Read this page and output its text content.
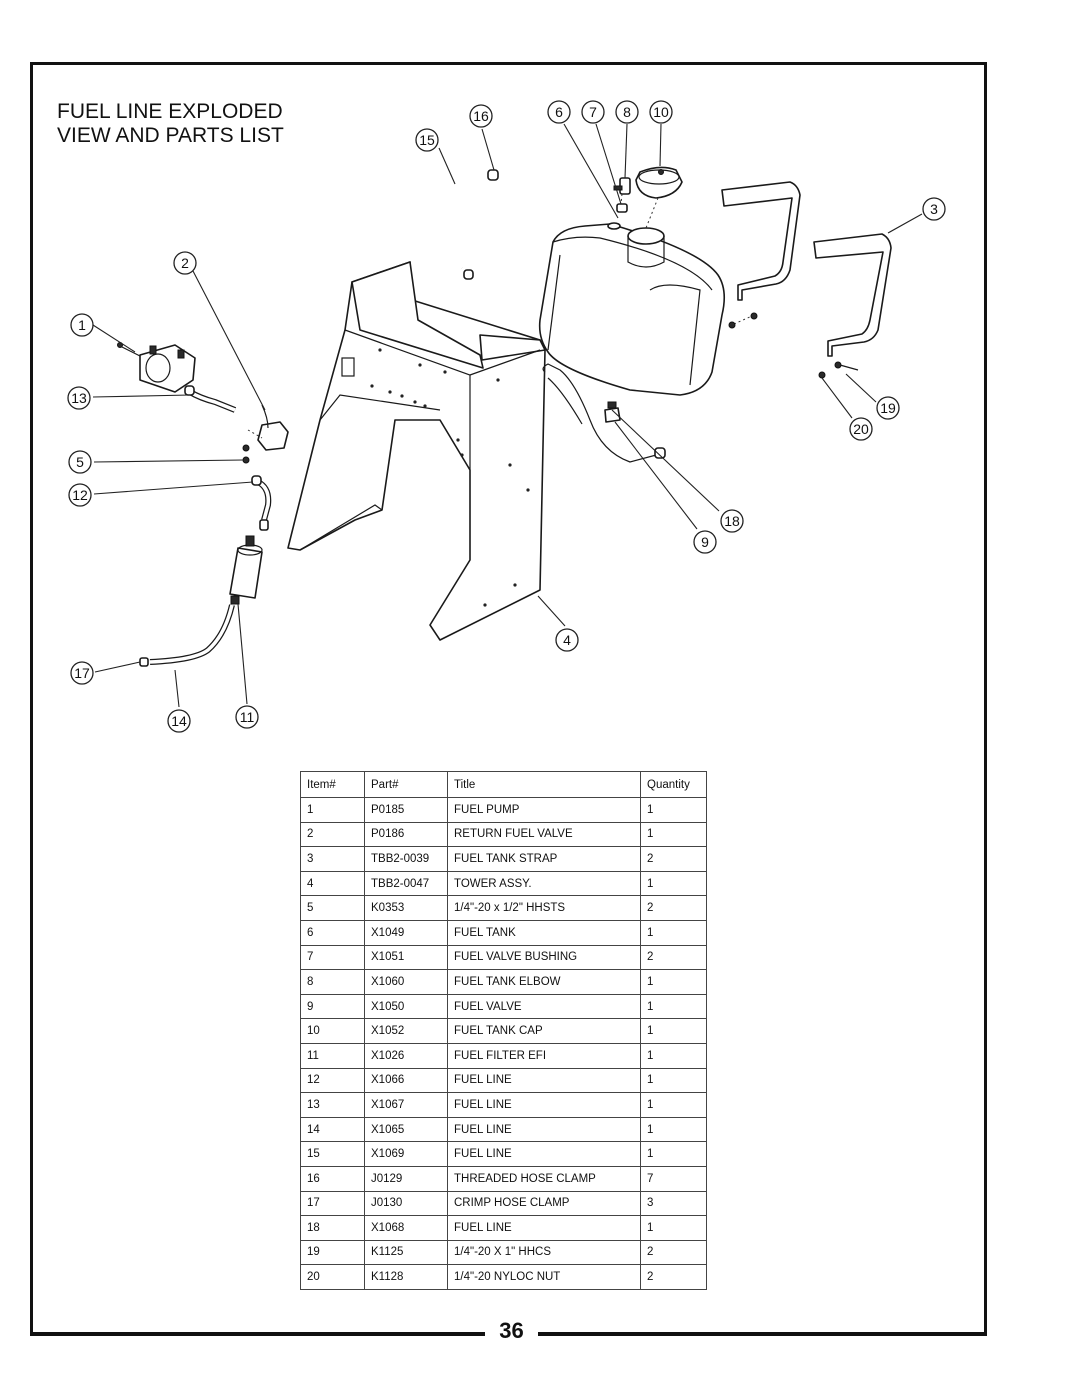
36
FUEL LINE EXPLODED
VIEW AND PARTS LIST
1
2
3
4
5
6 7 8
9
10
11
12
13
14
15
16
17
18
19
20
Item#	Part#	Title	Quantity
1	P0185	FUEL PUMP	1
2	P0186	RETURN FUEL VALVE	1
3	TBB2-0039	FUEL TANK STRAP	2
4	TBB2-0047	TOWER ASSY.	1
5	K0353	1/4"-20 x 1/2" HHSTS	2
6	X1049	FUEL TANK	1
7	X1051	FUEL VALVE BUSHING	2
8	X1060	FUEL TANK ELBOW	1
9	X1050	FUEL VALVE	1
10	X1052	FUEL TANK CAP	1
11	X1026	FUEL FILTER EFI	1
12	X1066	FUEL LINE	1
13	X1067	FUEL LINE	1
14	X1065	FUEL LINE	1
15	X1069	FUEL LINE	1
16	J0129	THREADED HOSE CLAMP	7
17	J0130	CRIMP HOSE CLAMP	3
18	X1068	FUEL LINE	1
19	K1125	1/4"-20 X 1" HHCS	2
20	K1128	1/4"-20 NYLOC NUT	2
